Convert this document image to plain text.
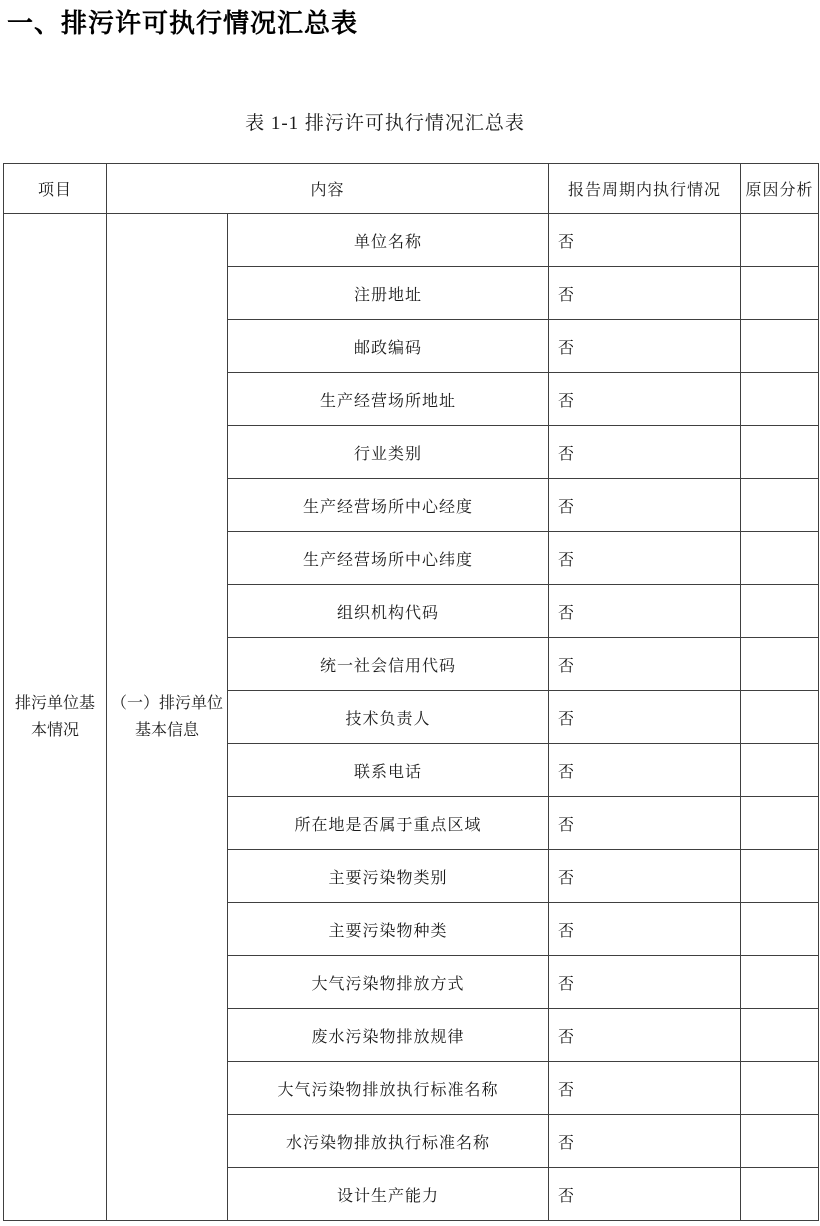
一、排污许可执行情况汇总表
表 1-1 排污许可执行情况汇总表
项目	内容		报告周期内执行情况	原因分析
排污单位基本情况	（一）排污单位基本信息	单位名称	否	
		注册地址	否	
		邮政编码	否	
		生产经营场所地址	否	
		行业类别	否	
		生产经营场所中心经度	否	
		生产经营场所中心纬度	否	
		组织机构代码	否	
		统一社会信用代码	否	
		技术负责人	否	
		联系电话	否	
		所在地是否属于重点区域	否	
		主要污染物类别	否	
		主要污染物种类	否	
		大气污染物排放方式	否	
		废水污染物排放规律	否	
		大气污染物排放执行标准名称	否	
		水污染物排放执行标准名称	否	
		设计生产能力	否	
